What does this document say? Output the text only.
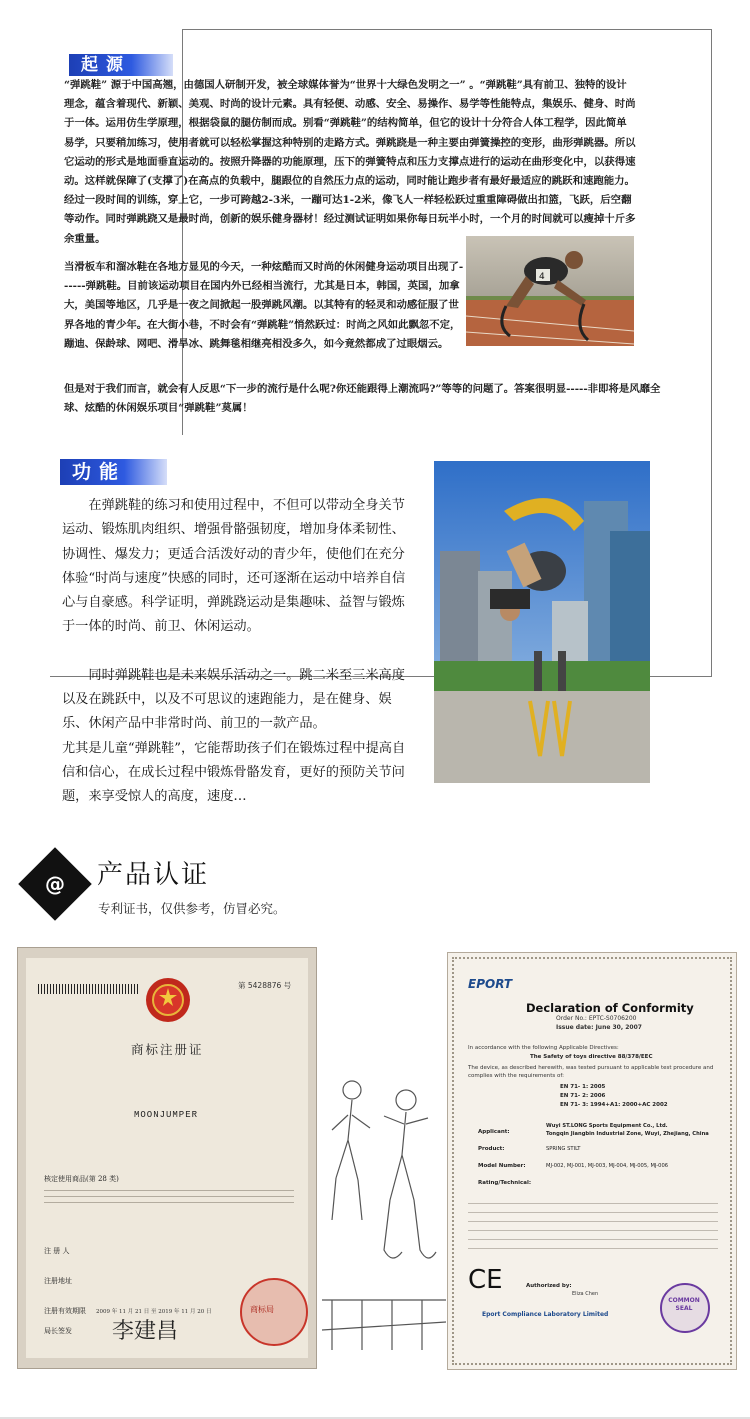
起源

“弹跳鞋” 源于中国高翘，由德国人研制开发，被全球媒体誉为“世界十大绿色发明之一” 。“弹跳鞋”具有前卫、独特的设计理念，蕴含着现代、新颖、美观、时尚的设计元素。具有轻便、动感、安全、易操作、易学等性能特点，集娱乐、健身、时尚于一体。运用仿生学原理，根据袋鼠的腿仿制而成。别看“弹跳鞋”的结构简单，但它的设计十分符合人体工程学，因此简单易学，只要稍加练习，使用者就可以轻松掌握这种特别的走路方式。弹跳跷是一种主要由弹簧操控的变形，曲形弹跳器。所以它运动的形式是地面垂直运动的。按照升降器的功能原理，压下的弹簧特点和压力支撑点进行的运动在曲形变化中，以获得速动。这样就保障了(支撑了)在高点的负载中，腿跟位的自然压力点的运动，同时能让跑步者有最好最适应的跳跃和速跑能力。经过一段时间的训练，穿上它，一步可跨越2-3米，一蹦可达1-2米，像飞人一样轻松跃过重重障碍做出扣篮，飞跃，后空翻等动作。同时弹跳跷又是最时尚，创新的娱乐健身器材！经过测试证明如果你每日玩半小时，一个月的时间就可以瘦掉十斤多余重量。

当滑板车和溜冰鞋在各地方显见的今天，一种炫酷而又时尚的休闲健身运动项目出现了------弹跳鞋。目前该运动项目在国内外已经相当流行，尤其是日本，韩国，英国，加拿大，美国等地区，几乎是一夜之间掀起一股弹跳风潮。以其特有的轻灵和动感征服了世界各地的青少年。在大街小巷，不时会有“弹跳鞋”悄然跃过：时尚之风如此飘忽不定，蹦迪、保龄球、网吧、滑旱冰、跳舞毯相继亮相没多久，如今竟然都成了过眼烟云。
但是对于我们而言，就会有人反思“下一步的流行是什么呢?你还能跟得上潮流吗?”等等的问题了。答案很明显-----非即将是风靡全球、炫酷的休闲娱乐项目“弹跳鞋”莫属！
4
功能

在弹跳鞋的练习和使用过程中，不但可以带动全身关节运动、锻炼肌肉组织、增强骨骼强韧度，增加身体柔韧性、协调性、爆发力；更适合活泼好动的青少年，使他们在充分体验“时尚与速度”快感的同时，还可逐渐在运动中培养自信心与自豪感。科学证明，弹跳跷运动是集趣味、益智与锻炼于一体的时尚、前卫、休闲运动。

同时弹跳鞋也是未来娱乐活动之一。跳二米至三米高度以及在跳跃中，以及不可思议的速跑能力，是在健身、娱乐、休闲产品中非常时尚、前卫的一款产品。

尤其是儿童“弹跳鞋”，它能帮助孩子们在锻炼过程中提高自信和信心，在成长过程中锻炼骨骼发育，更好的预防关节问题，来享受惊人的高度，速度…

@	产品认证
专利证书，仅供参考，仿冒必究。
第 5428876 号
商标注册证
MOONJUMPER
核定使用商品(第 28 类)
注 册 人
注册地址
注册有效期限 2009 年 11 月 21 日 至 2019 年 11 月 20 日
局长签发 李建昌
商标局
EPORT
Declaration of Conformity
Order No.: EPTC-S0706200
Issue date: June 30, 2007
In accordance with the following Applicable Directives:
The Safety of toys directive 88/378/EEC
The device, as described herewith, was tested pursuant to applicable test procedure and complies with the requirements of:
EN 71- 1: 2005
EN 71- 2: 2006
EN 71- 3: 1994+A1: 2000+AC 2002
Applicant:
Wuyi ST.LONG Sports Equipment Co., Ltd.
Tongqin Jiangbin Industrial Zone, Wuyi, Zhejiang, China
Product:	SPRING STILT
Model Number:	MJ-002, MJ-001, MJ-003, MJ-004, MJ-005, MJ-006
Rating/Technical:
CE	Authorized by:
Eliza Chen
Eport Compliance Laboratory Limited
COMMON SEAL
